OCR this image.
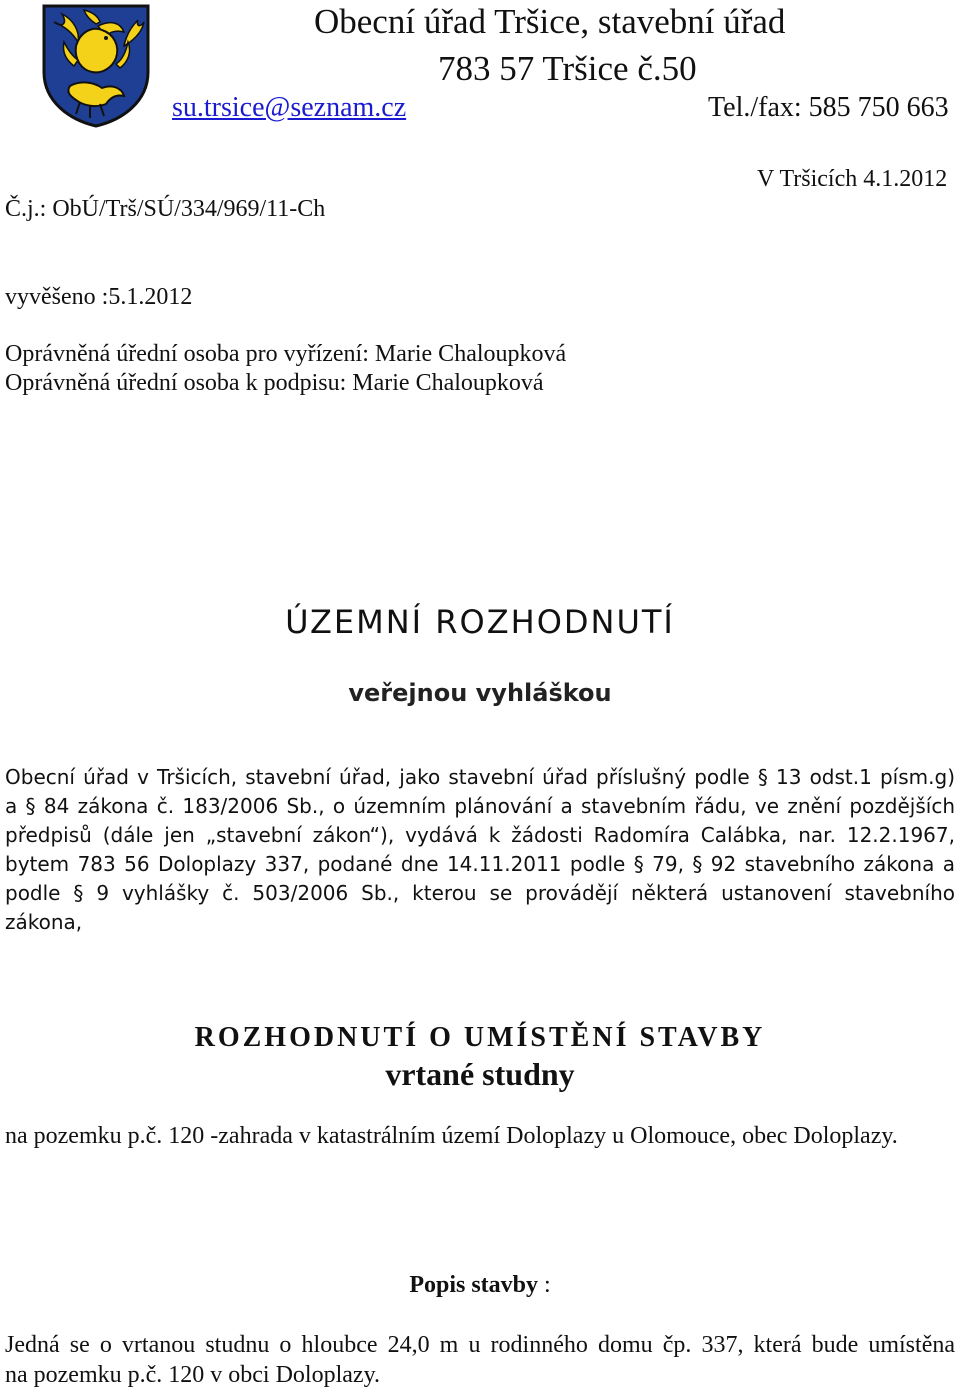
Obecní úřad Tršice, stavební úřad
783 57 Tršice č.50
su.trsice@seznam.cz	Tel./fax: 585 750 663
V Tršicích 4.1.2012
Č.j.: ObÚ/Trš/SÚ/334/969/11-Ch
vyvěšeno :5.1.2012
Oprávněná úřední osoba pro vyřízení: Marie Chaloupková
Oprávněná úřední osoba k podpisu: Marie Chaloupková
ÚZEMNÍ ROZHODNUTÍ
veřejnou vyhláškou
Obecní úřad v Tršicích, stavební úřad, jako stavební úřad příslušný podle § 13 odst.1 písm.g)
a § 84 zákona č. 183/2006 Sb., o územním plánování a stavebním řádu, ve znění pozdějších
předpisů (dále jen „stavební zákon“), vydává k žádosti Radomíra Calábka, nar. 12.2.1967,
bytem 783 56 Doloplazy 337, podané dne 14.11.2011 podle § 79, § 92 stavebního zákona a
podle § 9 vyhlášky č. 503/2006 Sb., kterou se provádějí některá ustanovení stavebního
zákona,
ROZHODNUTÍ O UMÍSTĚNÍ STAVBY
vrtané studny
na pozemku p.č. 120 -zahrada v katastrálním území Doloplazy u Olomouce, obec Doloplazy.
Popis stavby :
Jedná se o vrtanou studnu o hloubce 24,0 m u rodinného domu čp. 337, která bude umístěna
na pozemku p.č. 120 v obci Doloplazy.
